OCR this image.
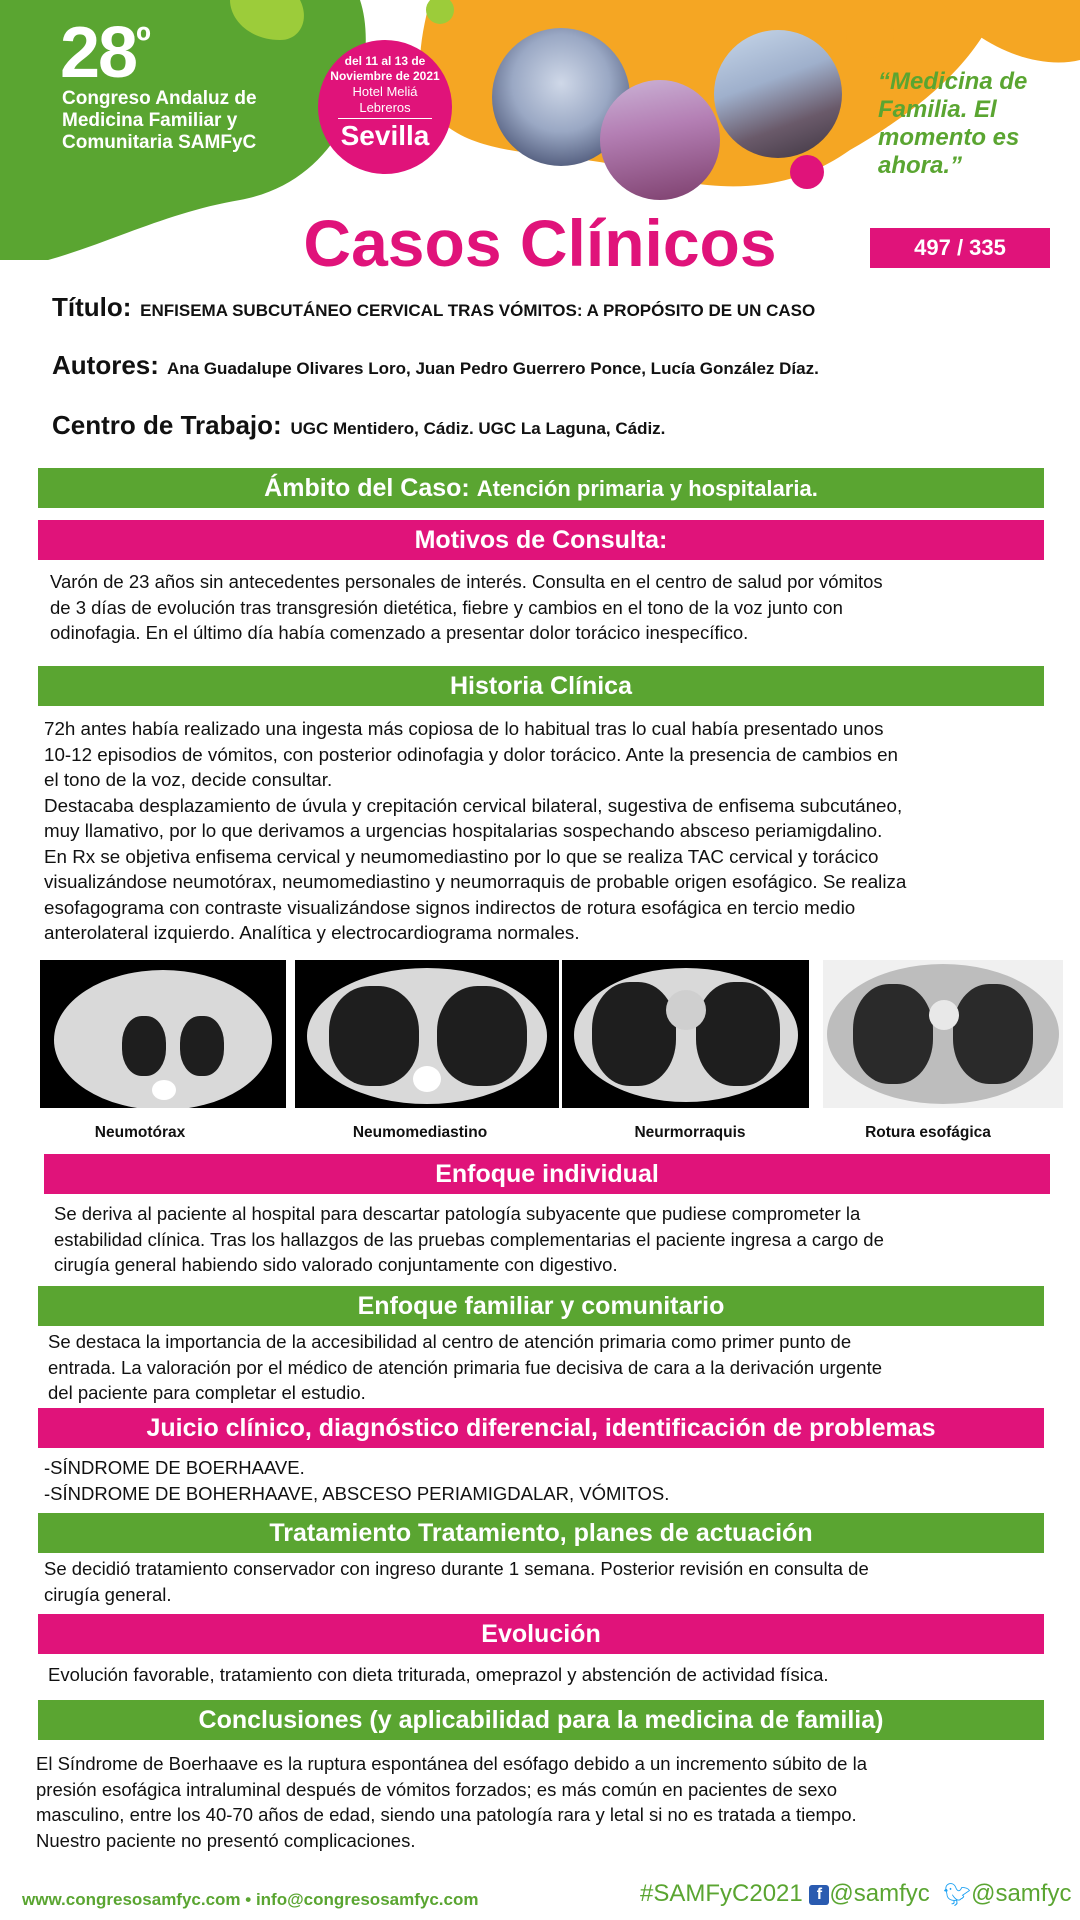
$28^º$
Congreso Andaluz de Medicina Familiar y Comunitaria SAMFyC
del 11 al 13 de
Noviembre de 2021
Hotel Meliá Lebreros
Sevilla
“Medicina de Familia. El momento es ahora.”
Casos Clínicos	497 / 335
Título: ENFISEMA SUBCUTÁNEO CERVICAL TRAS VÓMITOS: A PROPÓSITO DE UN CASO
Autores: Ana Guadalupe Olivares Loro, Juan Pedro Guerrero Ponce, Lucía González Díaz.
Centro de Trabajo: UGC Mentidero, Cádiz. UGC La Laguna, Cádiz.
Ámbito del Caso: Atención primaria y hospitalaria.
Motivos de Consulta:
Varón de 23 años sin antecedentes personales de interés. Consulta en el centro de salud por vómitos
de 3 días de evolución tras transgresión dietética, fiebre y cambios en el tono de la voz junto con
odinofagia. En el último día había comenzado a presentar dolor torácico inespecífico.
Historia Clínica
72h antes había realizado una ingesta más copiosa de lo habitual tras lo cual había presentado unos
10-12 episodios de vómitos, con posterior odinofagia y dolor torácico. Ante la presencia de cambios en
el tono de la voz, decide consultar.
Destacaba desplazamiento de úvula y crepitación cervical bilateral, sugestiva de enfisema subcutáneo,
muy llamativo, por lo que derivamos a urgencias hospitalarias sospechando absceso periamigdalino.
En Rx se objetiva enfisema cervical y neumomediastino por lo que se realiza TAC cervical y torácico
visualizándose neumotórax, neumomediastino y neumorraquis de probable origen esofágico. Se realiza
esofagograma con contraste visualizándose signos indirectos de rotura esofágica en tercio medio
anterolateral izquierdo. Analítica y electrocardiograma normales.
Neumotórax	Neumomediastino	Neurmorraquis	Rotura esofágica
Enfoque individual
Se deriva al paciente al hospital para descartar patología subyacente que pudiese comprometer la
estabilidad clínica. Tras los hallazgos de las pruebas complementarias el paciente ingresa a cargo de
cirugía general habiendo sido valorado conjuntamente con digestivo.
Enfoque familiar y comunitario
Se destaca la importancia de la accesibilidad al centro de atención primaria como primer punto de
entrada. La valoración por el médico de atención primaria fue decisiva de cara a la derivación urgente
del paciente para completar el estudio.
Juicio clínico, diagnóstico diferencial, identificación de problemas
-SÍNDROME DE BOERHAAVE.
-SÍNDROME DE BOHERHAAVE, ABSCESO PERIAMIGDALAR, VÓMITOS.
Tratamiento Tratamiento, planes de actuación
Se decidió tratamiento conservador con ingreso durante 1 semana. Posterior revisión en consulta de
cirugía general.
Evolución
Evolución favorable, tratamiento con dieta triturada, omeprazol y abstención de actividad física.
Conclusiones (y aplicabilidad para la medicina de familia)
El Síndrome de Boerhaave es la ruptura espontánea del esófago debido a un incremento súbito de la
presión esofágica intraluminal después de vómitos forzados; es más común en pacientes de sexo
masculino, entre los 40-70 años de edad, siendo una patología rara y letal si no es tratada a tiempo.
Nuestro paciente no presentó complicaciones.
www.congresosamfyc.com • info@congresosamfyc.com	#SAMFyC2021 f @samfyc 🐦︎@samfyc
